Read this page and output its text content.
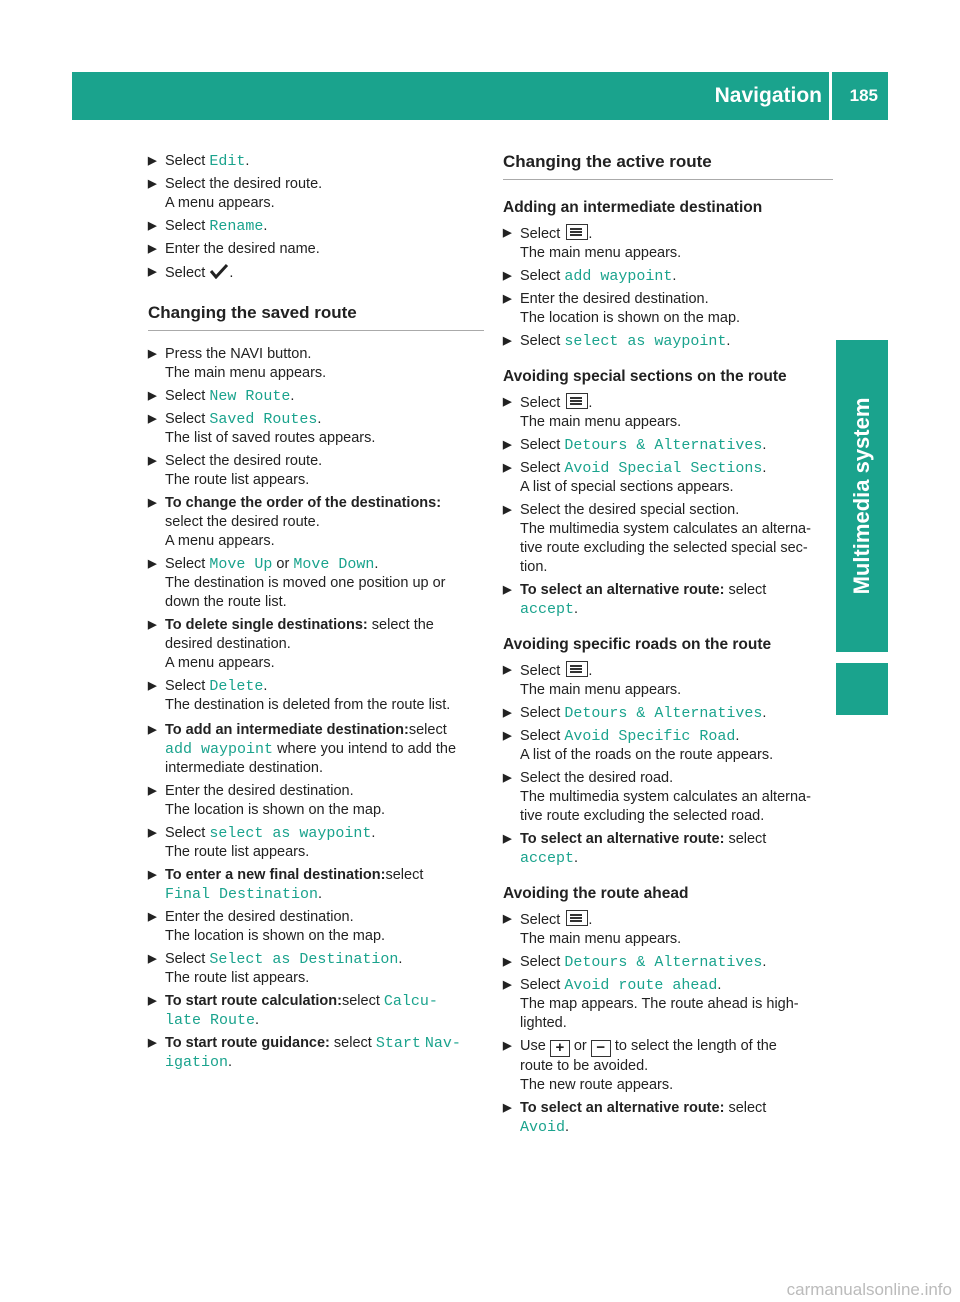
Navigation 185
Multimedia system
▶ Select Edit.
▶ Select the desired route.
A menu appears.
▶ Select Rename.
▶ Enter the desired name.
▶ Select .
Changing the saved route
▶ Press the NAVI button.
The main menu appears.
▶ Select New Route.
▶ Select Saved Routes.
The list of saved routes appears.
▶ Select the desired route.
The route list appears.
▶ To change the order of the destinations:
select the desired route.
A menu appears.
▶ Select Move Up or Move Down.
The destination is moved one position up or
down the route list.
▶ To delete single destinations: select the
desired destination.
A menu appears.
▶ Select Delete.
The destination is deleted from the route list.
▶ To add an intermediate destination:select
add waypoint where you intend to add the
intermediate destination.
▶ Enter the desired destination.
The location is shown on the map.
▶ Select select as waypoint.
The route list appears.
▶ To enter a new final destination:select
Final Destination.
▶ Enter the desired destination.
The location is shown on the map.
▶ Select Select as Destination.
The route list appears.
▶ To start route calculation:select Calcu‐
late Route.
▶ To start route guidance: select Start Nav‐
igation.
Changing the active route
Adding an intermediate destination
▶ Select .
The main menu appears.
▶ Select add waypoint.
▶ Enter the desired destination.
The location is shown on the map.
▶ Select select as waypoint.
Avoiding special sections on the route
▶ Select .
The main menu appears.
▶ Select Detours & Alternatives.
▶ Select Avoid Special Sections.
A list of special sections appears.
▶ Select the desired special section.
The multimedia system calculates an alterna‐
tive route excluding the selected special sec‐
tion.
▶ To select an alternative route: select
accept.
Avoiding specific roads on the route
▶ Select .
The main menu appears.
▶ Select Detours & Alternatives.
▶ Select Avoid Specific Road.
A list of the roads on the route appears.
▶ Select the desired road.
The multimedia system calculates an alterna‐
tive route excluding the selected road.
▶ To select an alternative route: select
accept.
Avoiding the route ahead
▶ Select .
The main menu appears.
▶ Select Detours & Alternatives.
▶ Select Avoid route ahead.
The map appears. The route ahead is high‐
lighted.
▶ Use + or − to select the length of the
route to be avoided.
The new route appears.
▶ To select an alternative route: select
Avoid.
carmanualsonline.info
